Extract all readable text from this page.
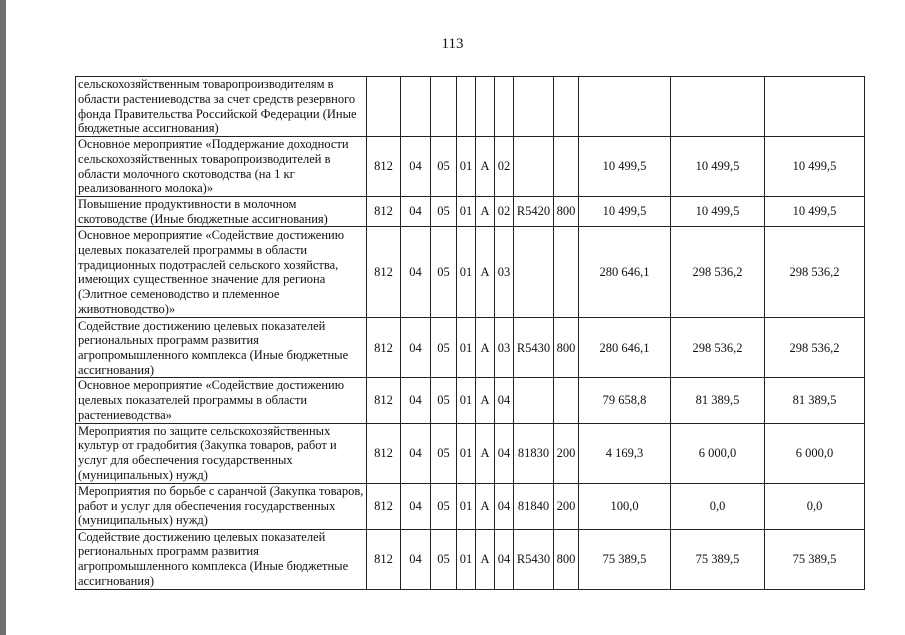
113
сельскохозяйственным товаропроизводителям в области растениеводства за счет средств резервного фонда Правительства Российской Федерации (Иные бюджетные ассигнования)											
Основное мероприятие «Поддержание доходности сельскохозяйственных товаропроизводителей в области молочного скотоводства (на 1 кг реализованного молока)»	812	04	05	01	А	02			10 499,5	10 499,5	10 499,5
Повышение продуктивности в молочном скотоводстве (Иные бюджетные ассигнования)	812	04	05	01	А	02	R5420	800	10 499,5	10 499,5	10 499,5
Основное мероприятие «Содействие достижению целевых показателей программы в области традиционных подотраслей сельского хозяйства, имеющих существенное значение для региона (Элитное семеноводство и племенное животноводство)»	812	04	05	01	А	03			280 646,1	298 536,2	298 536,2
Содействие достижению целевых показателей региональных программ развития агропромышленного комплекса (Иные бюджетные ассигнования)	812	04	05	01	А	03	R5430	800	280 646,1	298 536,2	298 536,2
Основное мероприятие «Содействие достижению целевых показателей программы в области растениеводства»	812	04	05	01	А	04			79 658,8	81 389,5	81 389,5
Мероприятия по защите сельскохозяйственных культур от градобития (Закупка товаров, работ и услуг для обеспечения государственных (муниципальных) нужд)	812	04	05	01	А	04	81830	200	4 169,3	6 000,0	6 000,0
Мероприятия по борьбе с саранчой (Закупка товаров, работ и услуг для обеспечения государственных (муниципальных) нужд)	812	04	05	01	А	04	81840	200	100,0	0,0	0,0
Содействие достижению целевых показателей региональных программ развития агропромышленного комплекса (Иные бюджетные ассигнования)	812	04	05	01	А	04	R5430	800	75 389,5	75 389,5	75 389,5
